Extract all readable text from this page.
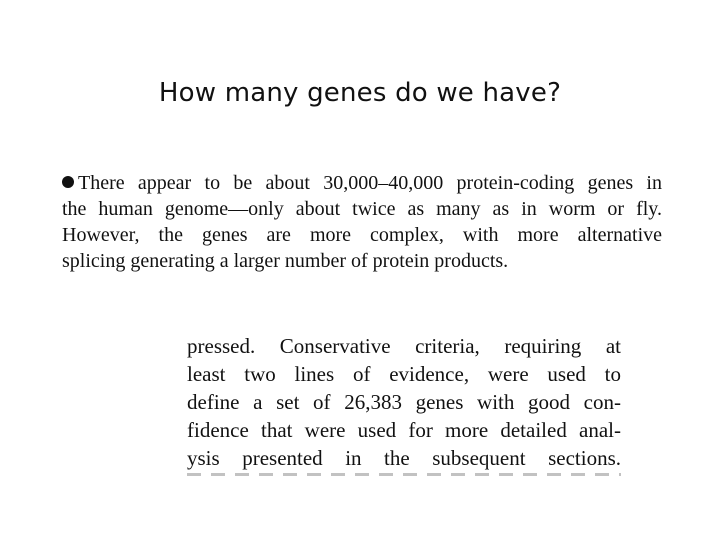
How many genes do we have?
There appear to be about 30,000–40,000 protein-coding genes in
the human genome—only about twice as many as in worm or fly.
However, the genes are more complex, with more alternative
splicing generating a larger number of protein products.
pressed. Conservative criteria, requiring at
least two lines of evidence, were used to
define a set of 26,383 genes with good con-
fidence that were used for more detailed anal-
ysis presented in the subsequent sections.
